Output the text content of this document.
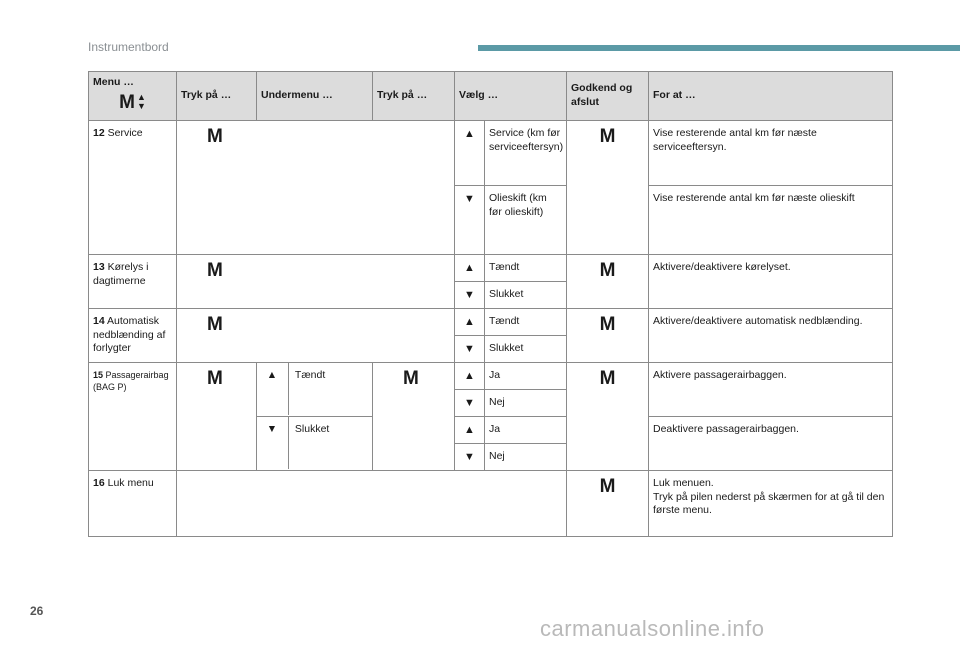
Instrumentbord
Menu …
M ▲
▼	Tryk på …	Undermenu …	Tryk på …	Vælg …		Godkend og afslut	For at …
12 Service	M			▲	Service (km før serviceeftersyn)	M	Vise resterende antal km før næste serviceeftersyn.
				▼	Olieskift (km før olieskift)		Vise resterende antal km før næste olieskift
13 Kørelys i dagtimerne	M			▲	Tændt	M	Aktivere/deaktivere kørelyset.
				▼	Slukket		
14 Automatisk nedblænding af forlygter	M			▲	Tændt	M	Aktivere/deaktivere automatisk nedblænding.
				▼	Slukket		
15 Passagerairbag (BAG P)	M	▲ Tændt	M	▲	Ja	M	Aktivere passagerairbaggen.
				▼	Nej		
		▼ Slukket		▲	Ja		Deaktivere passagerairbaggen.
				▼	Nej		
16 Luk menu						M	Luk menuen.
Tryk på pilen nederst på skærmen for at gå til den første menu.
26
carmanualsonline.info
